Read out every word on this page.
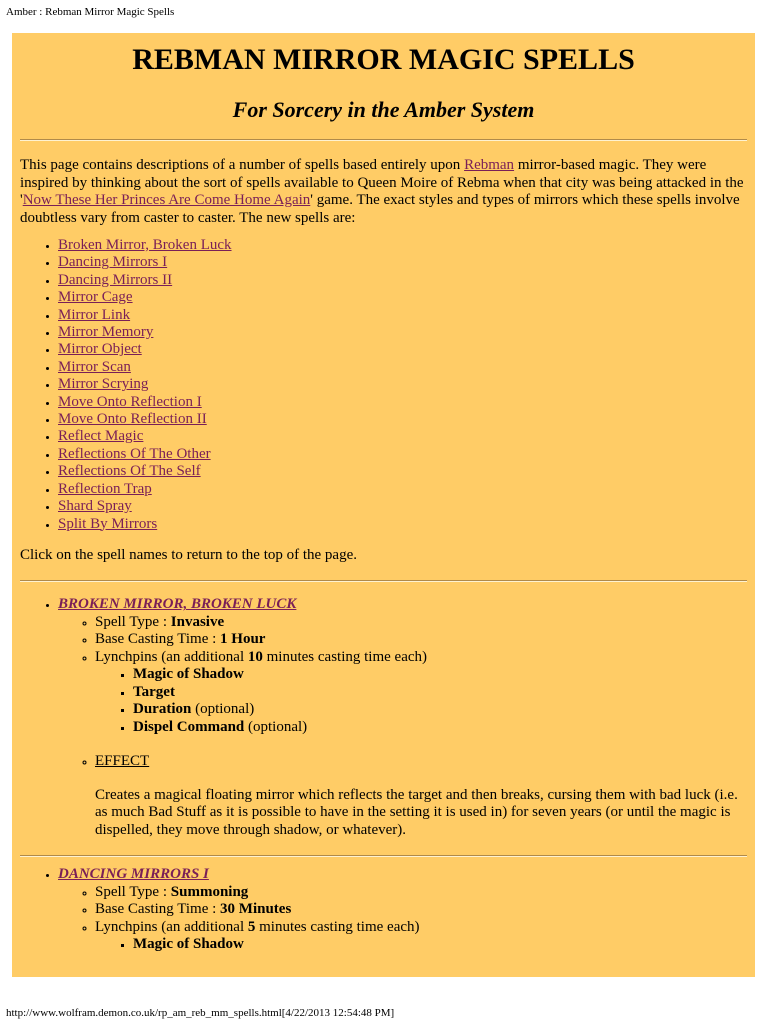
Amber : Rebman Mirror Magic Spells
REBMAN MIRROR MAGIC SPELLS
For Sorcery in the Amber System

This page contains descriptions of a number of spells based entirely upon Rebman mirror-based magic. They were inspired by thinking about the sort of spells available to Queen Moire of Rebma when that city was being attacked in the 'Now These Her Princes Are Come Home Again' game. The exact styles and types of mirrors which these spells involve doubtless vary from caster to caster. The new spells are:

• Broken Mirror, Broken Luck
• Dancing Mirrors I
• Dancing Mirrors II
• Mirror Cage
• Mirror Link
• Mirror Memory
• Mirror Object
• Mirror Scan
• Mirror Scrying
• Move Onto Reflection I
• Move Onto Reflection II
• Reflect Magic
• Reflections Of The Other
• Reflections Of The Self
• Reflection Trap
• Shard Spray
• Split By Mirrors

Click on the spell names to return to the top of the page.

• BROKEN MIRROR, BROKEN LUCK
◦ Spell Type : Invasive
◦ Base Casting Time : 1 Hour
◦ Lynchpins (an additional 10 minutes casting time each)
▪ Magic of Shadow
▪ Target
▪ Duration (optional)
▪ Dispel Command (optional)
◦ EFFECT

Creates a magical floating mirror which reflects the target and then breaks, cursing them with bad luck (i.e. as much Bad Stuff as it is possible to have in the setting it is used in) for seven years (or until the magic is dispelled, they move through shadow, or whatever).

• DANCING MIRRORS I
◦ Spell Type : Summoning
◦ Base Casting Time : 30 Minutes
◦ Lynchpins (an additional 5 minutes casting time each)
▪ Magic of Shadow
http://www.wolfram.demon.co.uk/rp_am_reb_mm_spells.html[4/22/2013 12:54:48 PM]
